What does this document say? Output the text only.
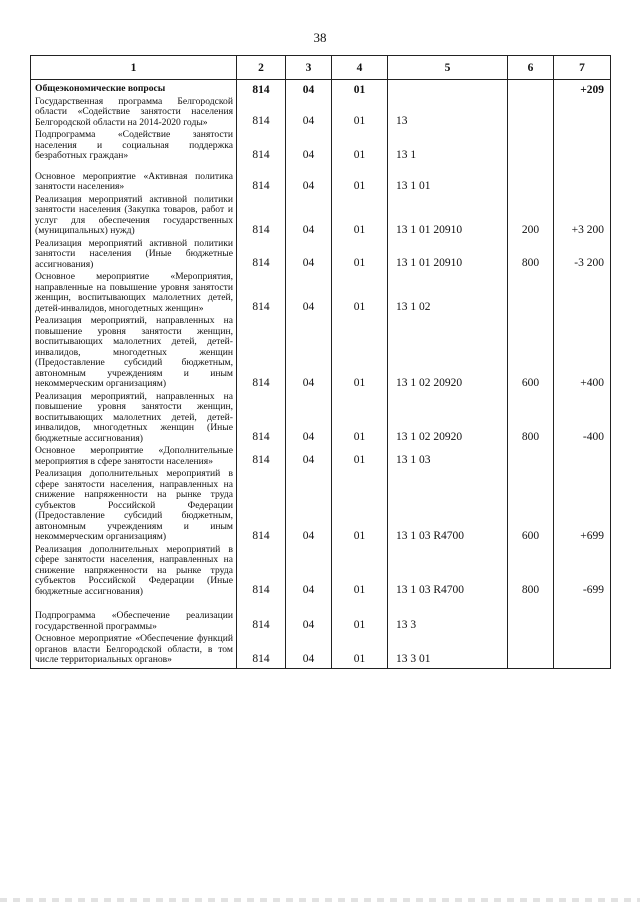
38
1	2	3	4	5	6	7
Общеэкономические вопросы	814	04	01			+209
Государственная программа Белгородской области «Содействие занятости населения Белгородской области на 2014-2020 годы»	814	04	01	13		
Подпрограмма «Содействие занятости населения и социальная поддержка безработных граждан»	814	04	01	13 1		
Основное мероприятие «Активная политика занятости населения»	814	04	01	13 1 01		
Реализация мероприятий активной политики занятости населения (Закупка товаров, работ и услуг для обеспечения государственных (муниципальных) нужд)	814	04	01	13 1 01 20910	200	+3 200
Реализация мероприятий активной политики занятости населения (Иные бюджетные ассигнования)	814	04	01	13 1 01 20910	800	-3 200
Основное мероприятие «Мероприятия, направленные на повышение уровня занятости женщин, воспитывающих малолетних детей, детей-инвалидов, многодетных женщин»	814	04	01	13 1 02		
Реализация мероприятий, направленных на повышение уровня занятости женщин, воспитывающих малолетних детей, детей-инвалидов, многодетных женщин (Предоставление субсидий бюджетным, автономным учреждениям и иным некоммерческим организациям)	814	04	01	13 1 02 20920	600	+400
Реализация мероприятий, направленных на повышение уровня занятости женщин, воспитывающих малолетних детей, детей-инвалидов, многодетных женщин (Иные бюджетные ассигнования)	814	04	01	13 1 02 20920	800	-400
Основное мероприятие «Дополнительные мероприятия в сфере занятости населения»	814	04	01	13 1 03		
Реализация дополнительных мероприятий в сфере занятости населения, направленных на снижение напряженности на рынке труда субъектов Российской Федерации (Предоставление субсидий бюджетным, автономным учреждениям и иным некоммерческим организациям)	814	04	01	13 1 03 R4700	600	+699
Реализация дополнительных мероприятий в сфере занятости населения, направленных на снижение напряженности на рынке труда субъектов Российской Федерации (Иные бюджетные ассигнования)	814	04	01	13 1 03 R4700	800	-699
Подпрограмма «Обеспечение реализации государственной программы»	814	04	01	13 3		
Основное мероприятие «Обеспечение функций органов власти Белгородской области, в том числе территориальных органов»	814	04	01	13 3 01		
